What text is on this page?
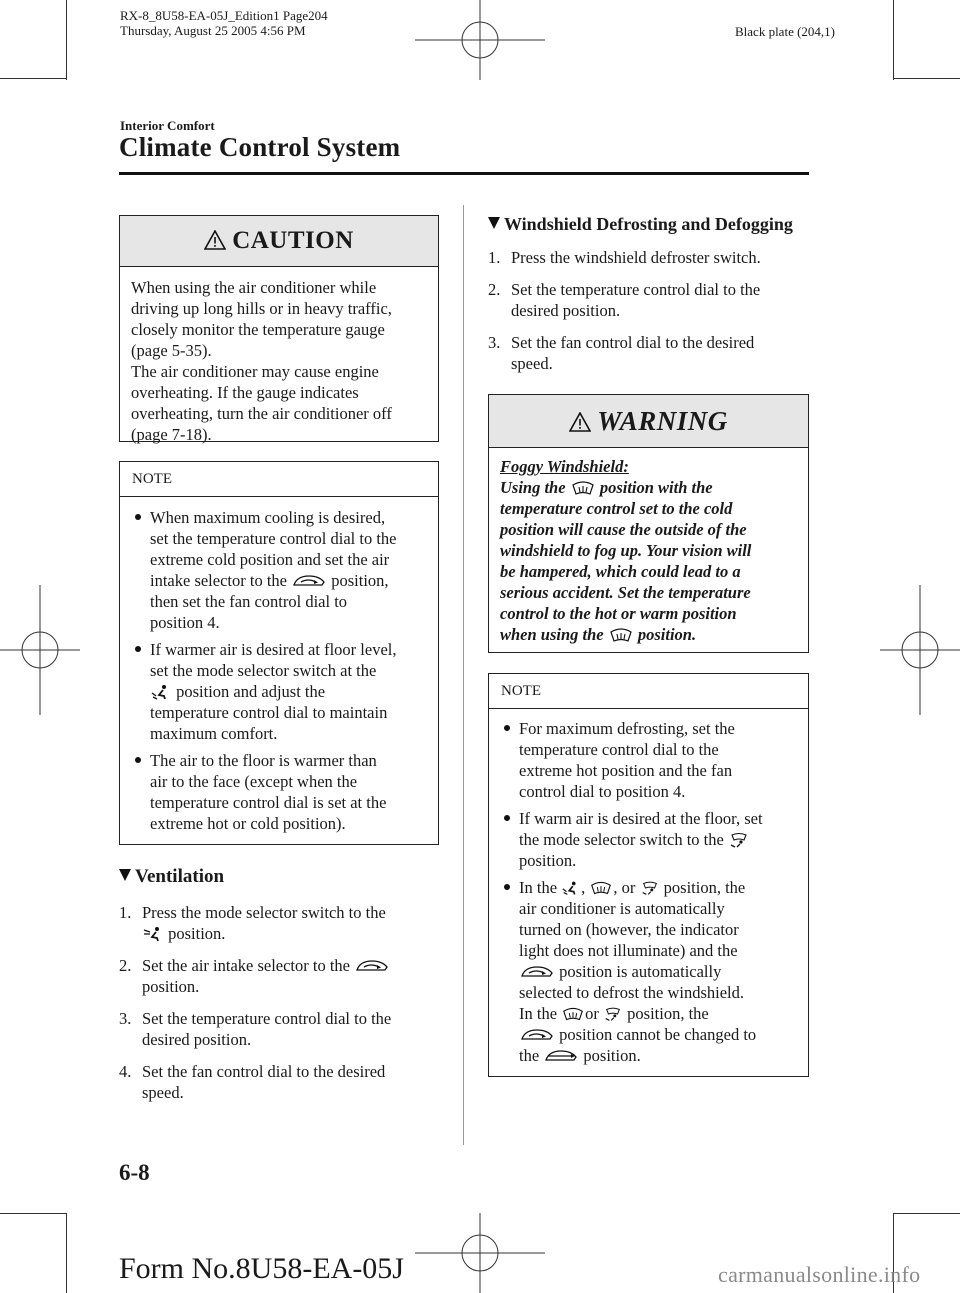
RX-8_8U58-EA-05J_Edition1 Page204
Thursday, August 25 2005 4:56 PM	Black plate (204,1)
Interior Comfort
Climate Control System
CAUTION
When using the air conditioner while
driving up long hills or in heavy traffic,
closely monitor the temperature gauge
(page 5-35).
The air conditioner may cause engine
overheating. If the gauge indicates
overheating, turn the air conditioner off
(page 7-18).
NOTE
When maximum cooling is desired,
set the temperature control dial to the
extreme cold position and set the air
intake selector to the	position,
then set the fan control dial to
position 4.
If warmer air is desired at floor level,
set the mode selector switch at the
position and adjust the
temperature control dial to maintain
maximum comfort.
The air to the floor is warmer than
air to the face (except when the
temperature control dial is set at the
extreme hot or cold position).
Ventilation
1. Press the mode selector switch to the
position.
2. Set the air intake selector to the
position.
3. Set the temperature control dial to the
desired position.
4. Set the fan control dial to the desired
speed.
Windshield Defrosting and Defogging
1. Press the windshield defroster switch.
2. Set the temperature control dial to the
desired position.
3. Set the fan control dial to the desired
speed.
WARNING
Foggy Windshield:
Using the position with the
temperature control set to the cold
position will cause the outside of the
windshield to fog up. Your vision will
be hampered, which could lead to a
serious accident. Set the temperature
control to the hot or warm position
when using the position.
NOTE
For maximum defrosting, set the
temperature control dial to the
extreme hot position and the fan
control dial to position 4.
If warm air is desired at the floor, set
the mode selector switch to the
position.
In the , , or position, the
air conditioner is automatically
turned on (however, the indicator
light does not illuminate) and the
position is automatically
selected to defrost the windshield.
In the or position, the
position cannot be changed to
the	position.
6-8
Form No.8U58-EA-05J	carmanualsonline.info
